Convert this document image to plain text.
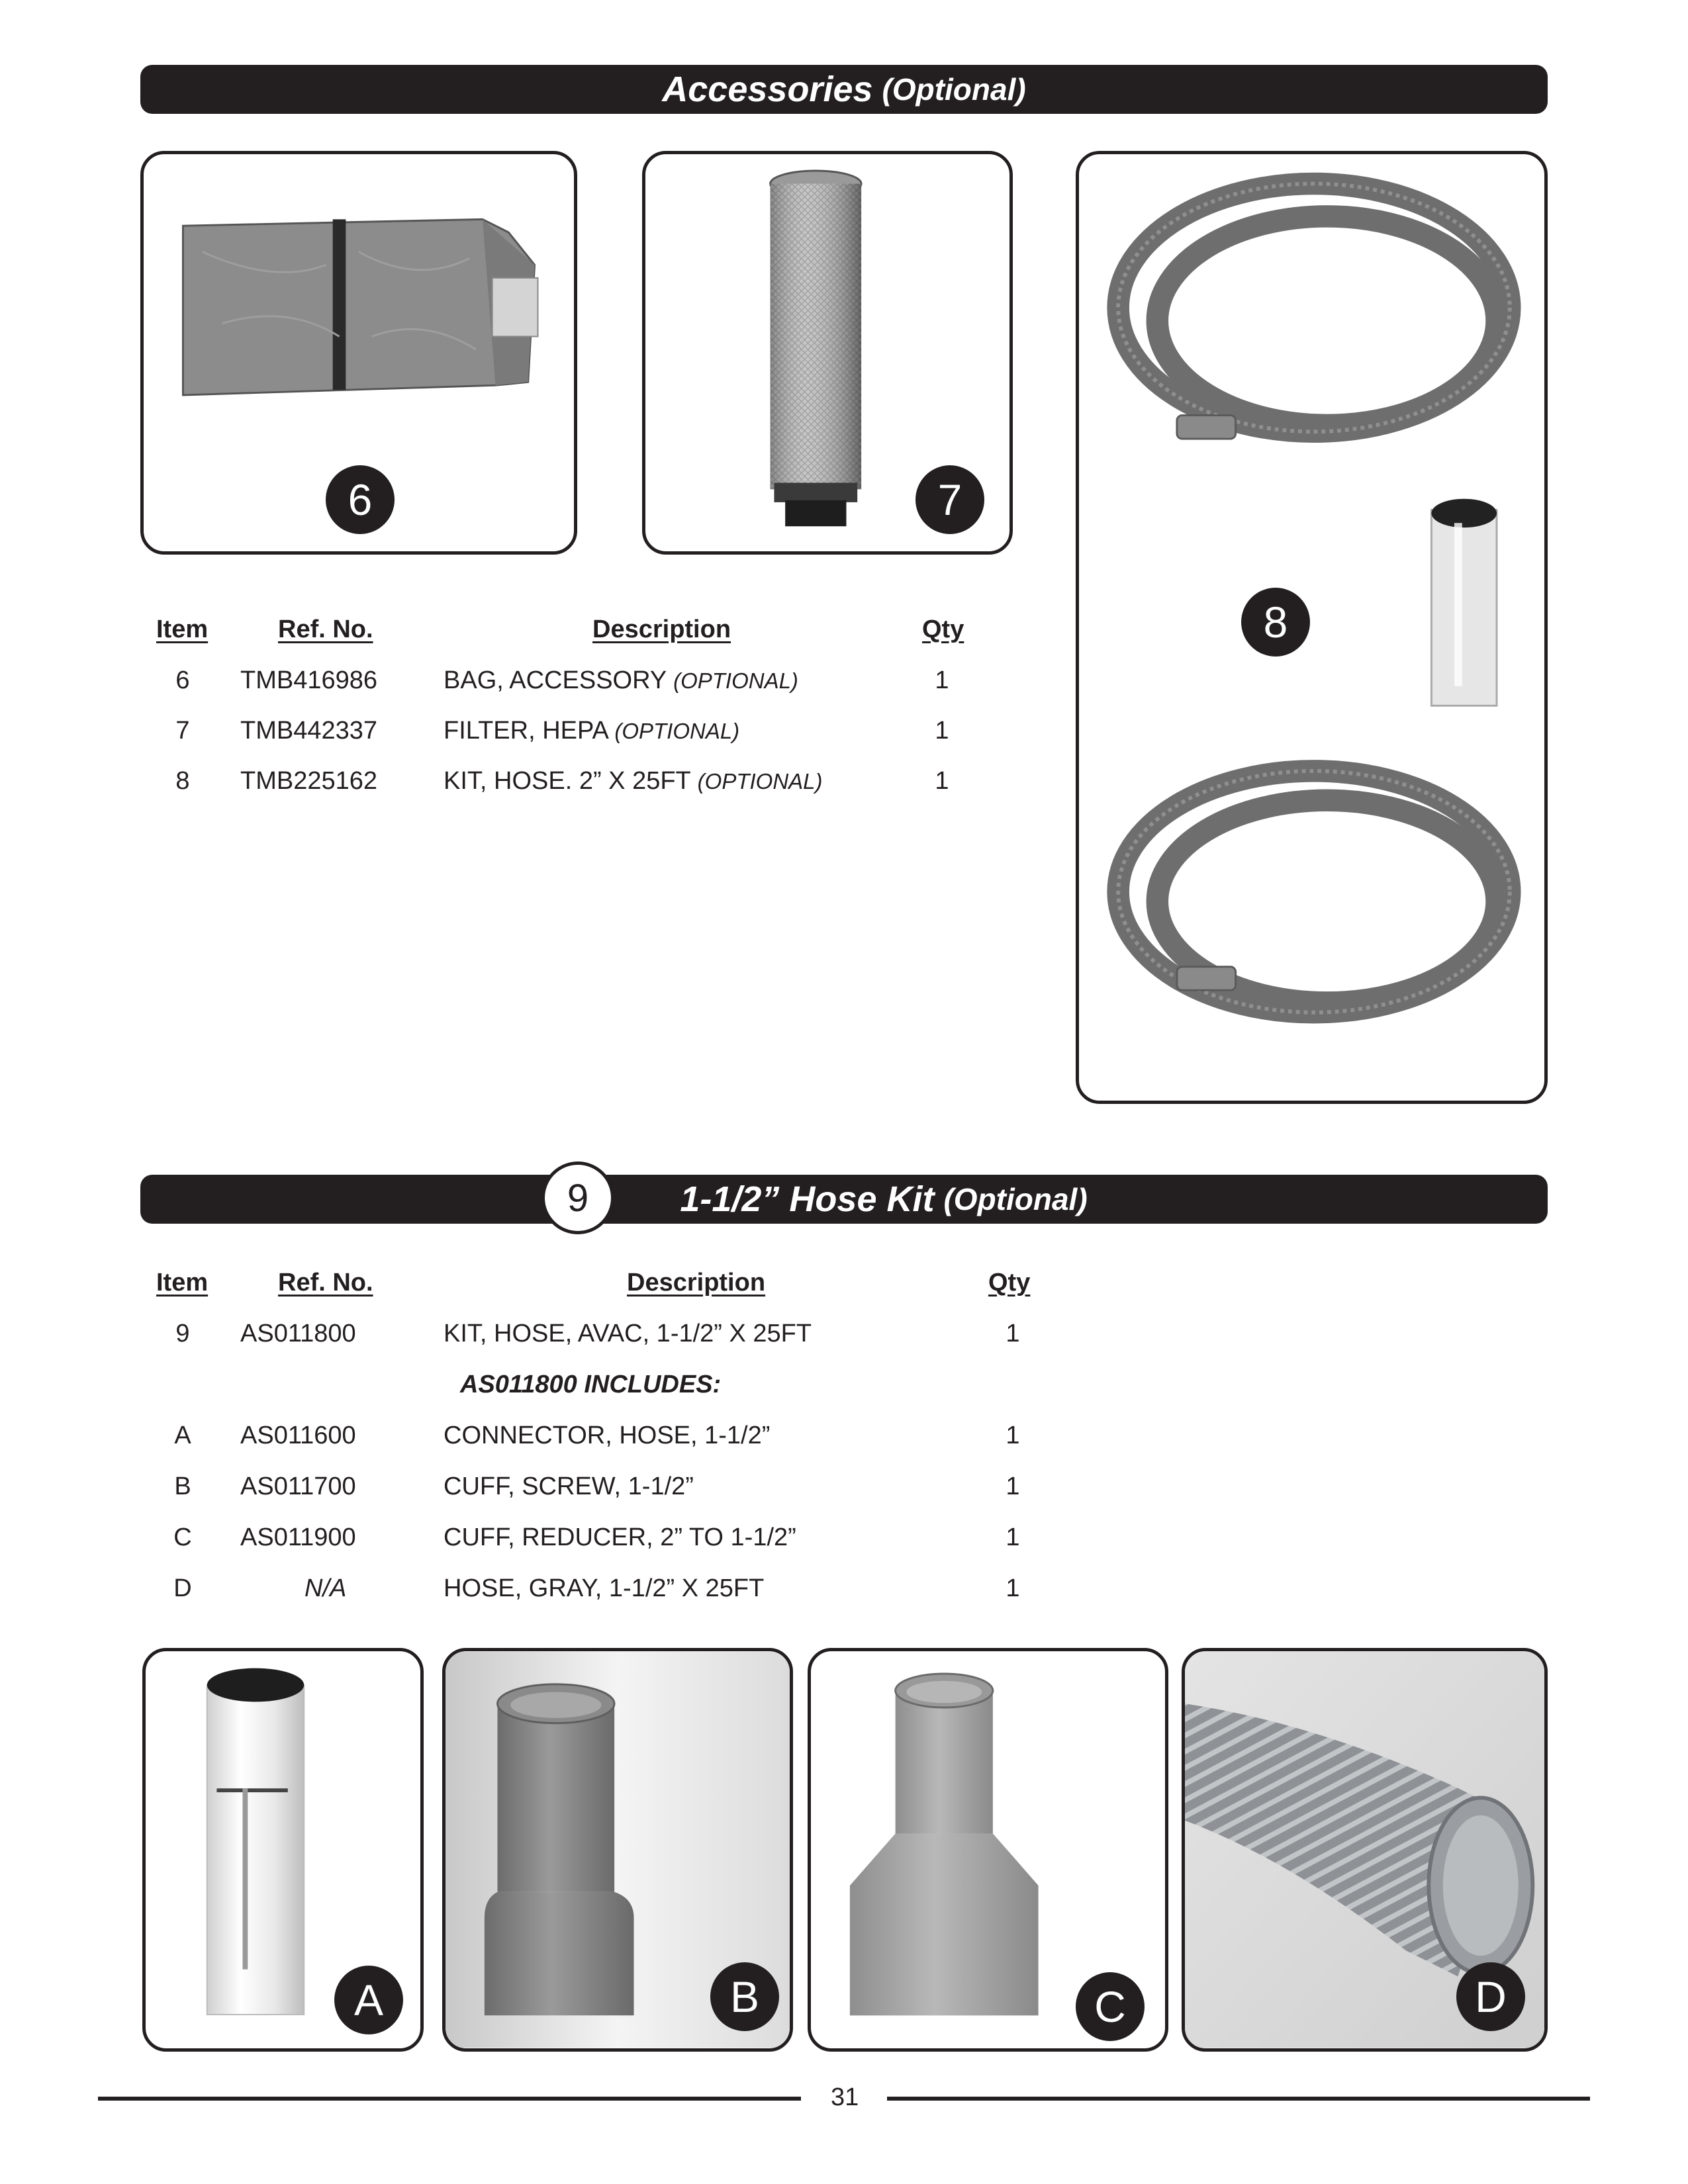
Accessories (Optional)
6	7
8
Item	Ref. No.	Description	Qty
6	TMB416986	BAG, ACCESSORY (OPTIONAL)	1
7	TMB442337	FILTER, HEPA (OPTIONAL)	1
8	TMB225162	KIT, HOSE. 2” X 25FT (OPTIONAL)	1
1-1/2” Hose Kit (Optional)
9
Item	Ref. No.	Description	Qty
9	AS011800	KIT, HOSE, AVAC, 1-1/2” X 25FT	1
AS011800 INCLUDES:
A	AS011600	CONNECTOR, HOSE, 1-1/2”	1
B	AS011700	CUFF, SCREW, 1-1/2”	1
C	AS011900	CUFF, REDUCER, 2” TO 1-1/2”	1
D	N/A	HOSE, GRAY, 1-1/2” X 25FT	1
A	B	C	D
31
